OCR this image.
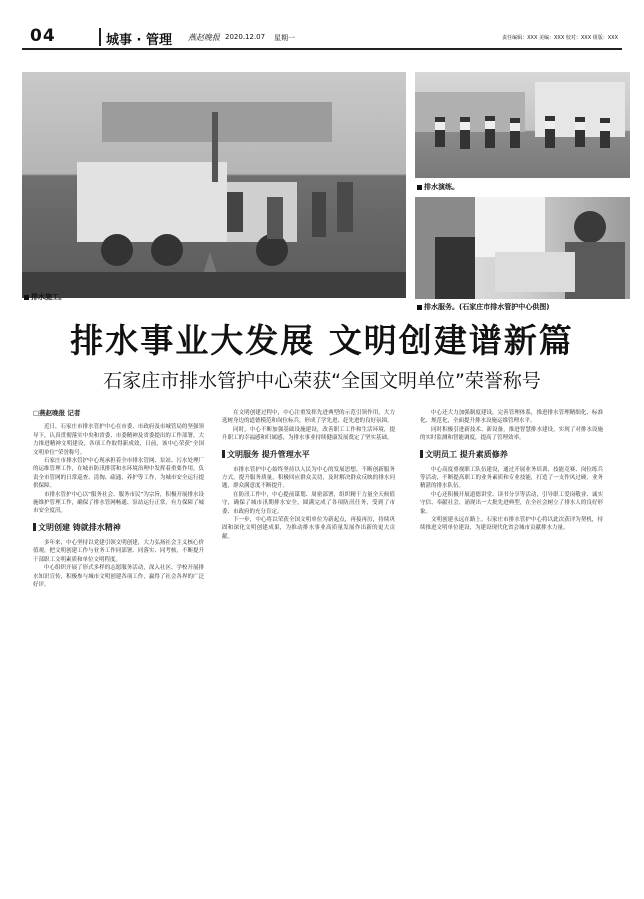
04	城事 · 管理 燕赵晚报 2020.12.07 星期一	责任编辑：XXX 美编：XXX 校对：XXX 组版：XXX
排水施工。
排水演练。
排水服务。(石家庄市排水管护中心供图)
排水事业大发展 文明创建谱新篇
石家庄市排水管护中心荣获“全国文明单位”荣誉称号
□燕赵晚报 记者

近日，石家庄市排水管护中心在市委、市政府及市城管局的坚强领导下，认真贯彻落实中央和省委、市委精神及省委提出的工作部署，大力推进精神文明建设，各项工作取得新成效，日前，该中心荣获“全国文明单位”荣誉称号。

石家庄市排水管护中心现承担着全市排水管网、泵站、污水处理厂的运维管理工作，在城市防汛排涝和水环境治理中发挥着重要作用，负责全市管网的日常巡查、清掏、疏通、养护等工作，为城市安全运行提供保障。

市排水管护中心以“服务社会、服务市民”为宗旨，积极开展排水设施维护管理工作，确保了排水管网畅通、泵站运行正常，有力保障了城市安全度汛。

文明创建 铸就排水精神

多年来，中心坚持以党建引领文明创建，大力弘扬社会主义核心价值观，把文明创建工作与业务工作同部署、同落实、同考核，不断提升干部职工文明素质和单位文明程度。

中心组织开展了形式多样的志愿服务活动，深入社区、学校开展排水知识宣传，积极参与城市文明创建各项工作，赢得了社会各界的广泛好评。

在文明创建过程中，中心注重发挥先进典型的示范引领作用，大力选树身边的道德模范和岗位标兵，形成了学先进、赶先进的良好氛围。

同时，中心不断加强基础设施建设，改善职工工作和生活环境，提升职工的幸福感和归属感，为排水事业持续健康发展奠定了坚实基础。

文明服务 提升管理水平

市排水管护中心始终坚持以人民为中心的发展思想，不断创新服务方式，提升服务质量，积极回应群众关切，及时解决群众反映的排水问题，群众满意度不断提升。

在防汛工作中，中心提前谋划、周密部署，组织精干力量全天候值守，确保了城市汛期排水安全，圆满完成了各项防汛任务，受到了市委、市政府的充分肯定。

下一步，中心将以荣获全国文明单位为新起点，再接再厉，持续巩固和深化文明创建成果，为推动排水事业高质量发展作出新的更大贡献。

中心还大力加强制度建设，完善管理体系，推进排水管理精细化、标准化、规范化，全面提升排水设施运维管理水平。

同时积极引进新技术、新设备，推进智慧排水建设，实现了对排水设施的实时监测和智能调度，提高了管理效率。

文明员工 提升素质修养

中心高度重视职工队伍建设，通过开展业务培训、技能竞赛、岗位练兵等活动，不断提高职工的业务素质和专业技能，打造了一支作风过硬、业务精湛的排水队伍。

中心还积极开展道德讲堂、读书分享等活动，引导职工爱岗敬业、诚实守信、奉献社会，涌现出一大批先进典型，在全社会树立了排水人的良好形象。

文明创建永远在路上。石家庄市排水管护中心将以此次获评为契机，持续推进文明单位建设，为建设现代化省会城市贡献排水力量。
